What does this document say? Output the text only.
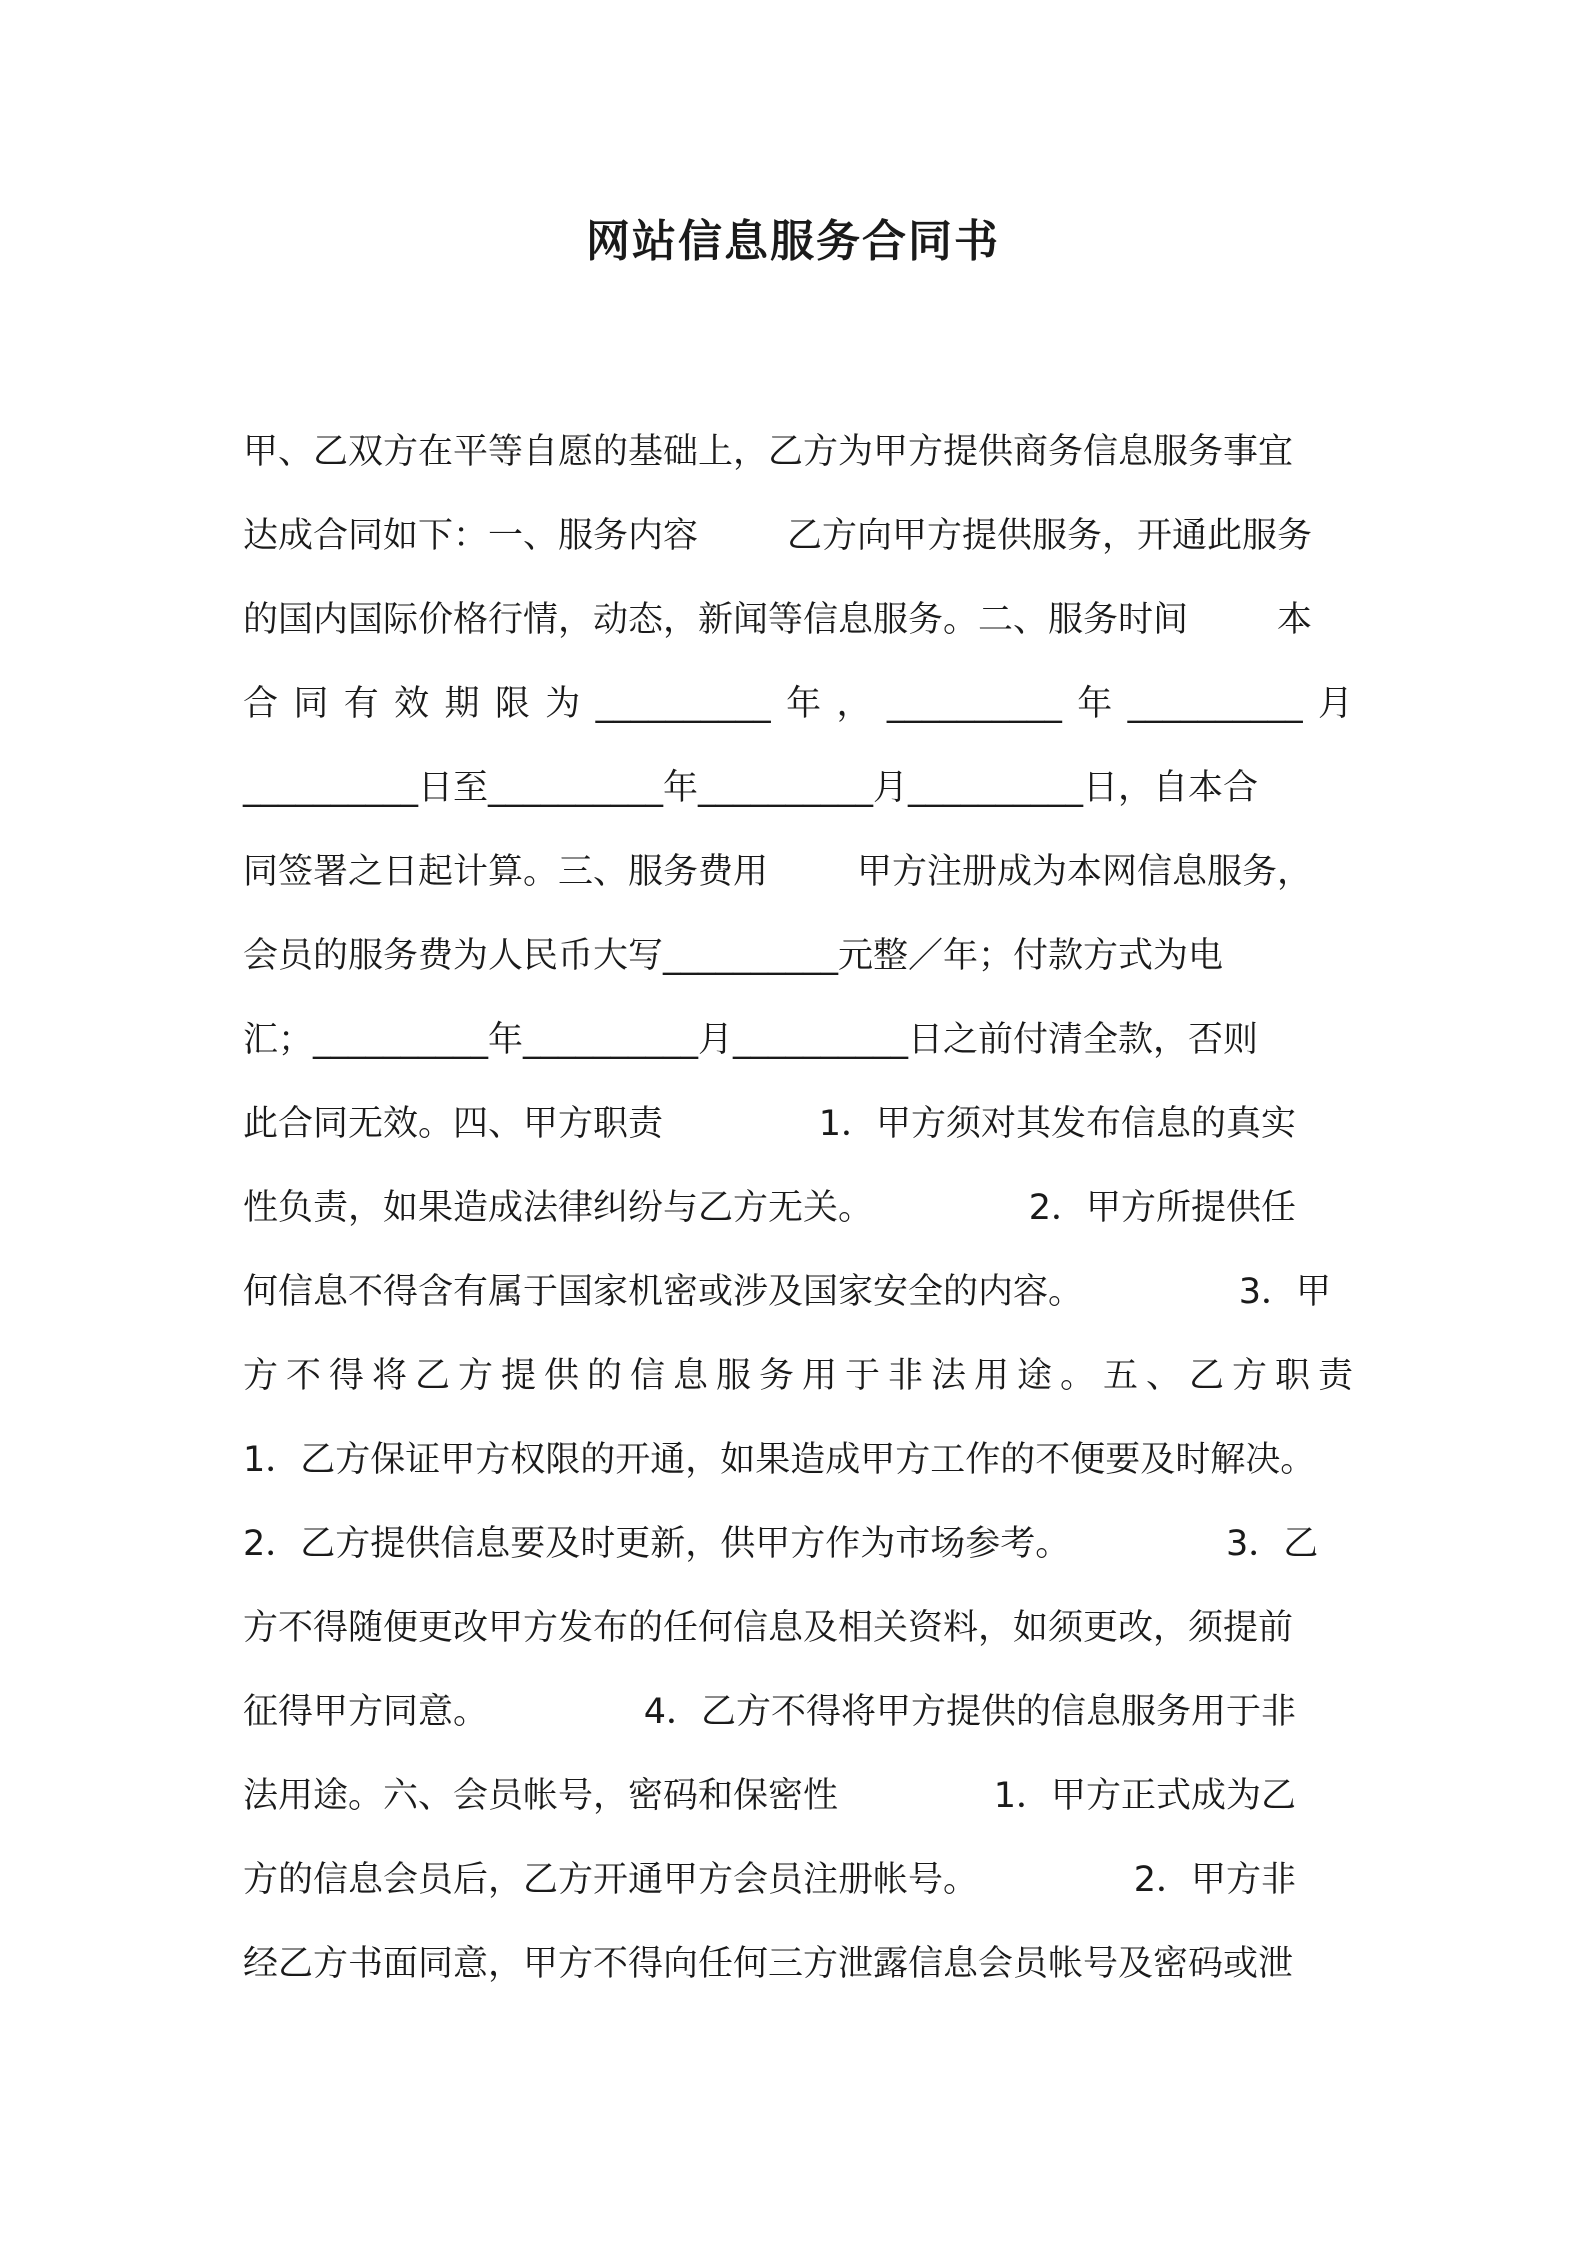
网站信息服务合同书
甲、乙双方在平等自愿的基础上，乙方为甲方提供商务信息服务事宜
达成合同如下：一、服务内容        乙方向甲方提供服务，开通此服务
的国内国际价格行情，动态，新闻等信息服务。二、服务时间        本
合同有效期限为__________年，__________年__________月
__________日至__________年__________月__________日，自本合
同签署之日起计算。三、服务费用        甲方注册成为本网信息服务，
会员的服务费为人民币大写__________元整／年；付款方式为电
汇；__________年__________月__________日之前付清全款，否则
此合同无效。四、甲方职责              1．甲方须对其发布信息的真实
性负责，如果造成法律纠纷与乙方无关。              2．甲方所提供任
何信息不得含有属于国家机密或涉及国家安全的内容。              3．甲
方不得将乙方提供的信息服务用于非法用途。五、乙方职责
1．乙方保证甲方权限的开通，如果造成甲方工作的不便要及时解决。
2．乙方提供信息要及时更新，供甲方作为市场参考。              3．乙
方不得随便更改甲方发布的任何信息及相关资料，如须更改，须提前
征得甲方同意。              4．乙方不得将甲方提供的信息服务用于非
法用途。六、会员帐号，密码和保密性              1．甲方正式成为乙
方的信息会员后，乙方开通甲方会员注册帐号。              2．甲方非
经乙方书面同意，甲方不得向任何三方泄露信息会员帐号及密码或泄
